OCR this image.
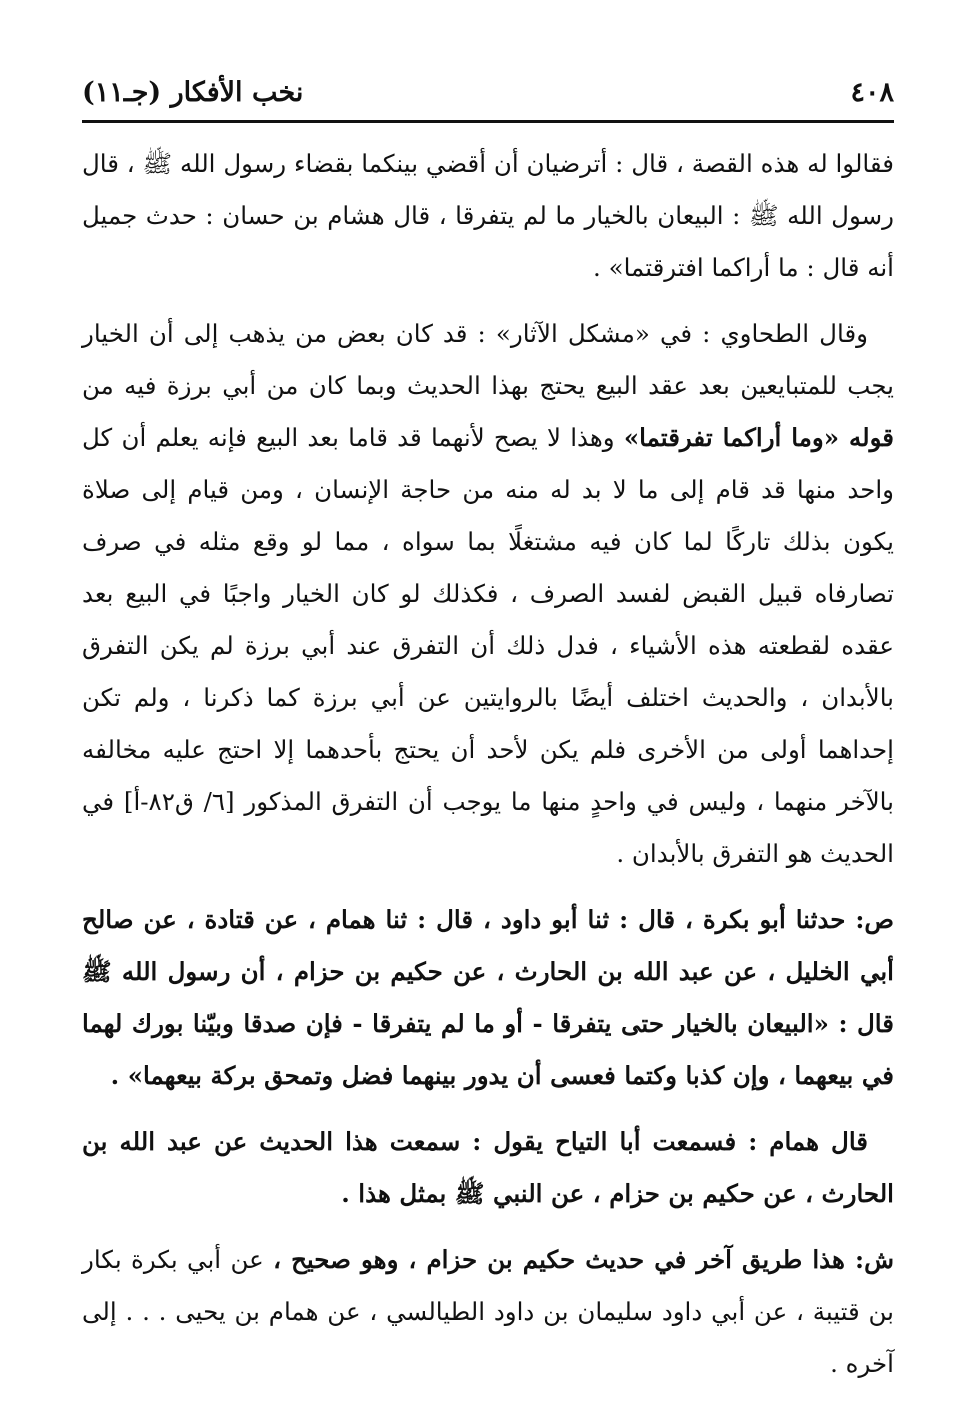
٤٠٨
نخب الأفكار (جـ١١)

فقالوا له هذه القصة ، قال : أترضيان أن أقضي بينكما بقضاء رسول الله ﷺ ، قال رسول الله ﷺ : البيعان بالخيار ما لم يتفرقا ، قال هشام بن حسان : حدث جميل أنه قال : ما أراكما افترقتما» .

وقال الطحاوي : في «مشكل الآثار» : قد كان بعض من يذهب إلى أن الخيار يجب للمتبايعين بعد عقد البيع يحتج بهذا الحديث وبما كان من أبي برزة فيه من قوله «وما أراكما تفرقتما» وهذا لا يصح لأنهما قد قاما بعد البيع فإنه يعلم أن كل واحد منها قد قام إلى ما لا بد له منه من حاجة الإنسان ، ومن قيام إلى صلاة يكون بذلك تاركًا لما كان فيه مشتغلًا بما سواه ، مما لو وقع مثله في صرف تصارفاه قبيل القبض لفسد الصرف ، فكذلك لو كان الخيار واجبًا في البيع بعد عقده لقطعته هذه الأشياء ، فدل ذلك أن التفرق عند أبي برزة لم يكن التفرق بالأبدان ، والحديث اختلف أيضًا بالروايتين عن أبي برزة كما ذكرنا ، ولم تكن إحداهما أولى من الأخرى فلم يكن لأحد أن يحتج بأحدهما إلا احتج عليه مخالفه بالآخر منهما ، وليس في واحدٍ منها ما يوجب أن التفرق المذكور [٦/ ق٨٢-أ] في الحديث هو التفرق بالأبدان .

ص: حدثنا أبو بكرة ، قال : ثنا أبو داود ، قال : ثنا همام ، عن قتادة ، عن صالح أبي الخليل ، عن عبد الله بن الحارث ، عن حكيم بن حزام ، أن رسول الله ﷺ قال : «البيعان بالخيار حتى يتفرقا - أو ما لم يتفرقا - فإن صدقا وبيّنا بورك لهما في بيعهما ، وإن كذبا وكتما فعسى أن يدور بينهما فضل وتمحق بركة بيعهما» .

قال همام : فسمعت أبا التياح يقول : سمعت هذا الحديث عن عبد الله بن الحارث ، عن حكيم بن حزام ، عن النبي ﷺ بمثل هذا .

ش: هذا طريق آخر في حديث حكيم بن حزام ، وهو صحيح ، عن أبي بكرة بكار بن قتيبة ، عن أبي داود سليمان بن داود الطيالسي ، عن همام بن يحيى . . . إلى آخره .
